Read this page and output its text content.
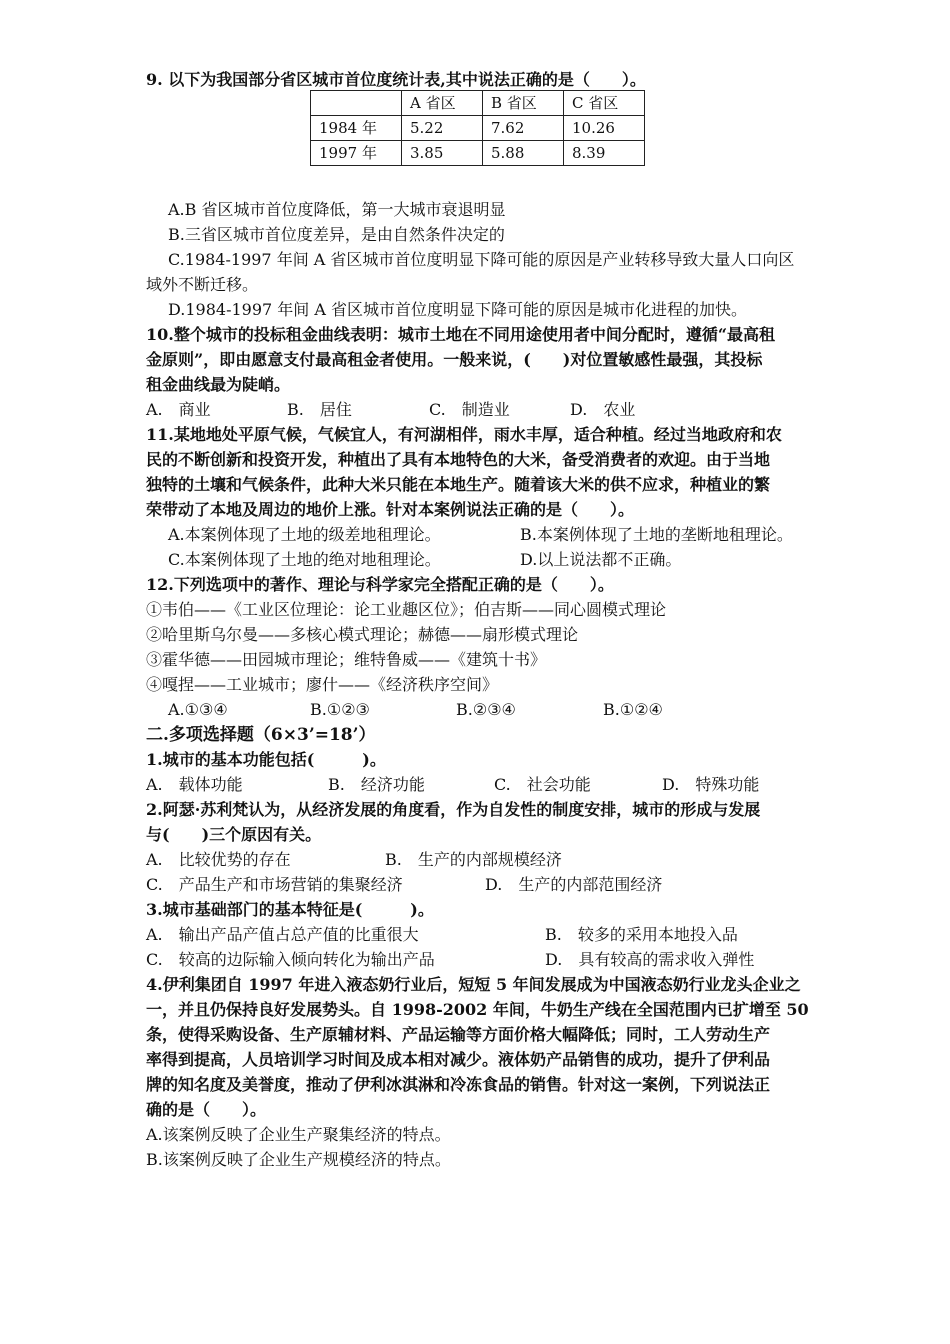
9. 以下为我国部分省区城市首位度统计表,其中说法正确的是（　　）。
	A 省区	B 省区	C 省区
1984 年	5.22	7.62	10.26
1997 年	3.85	5.88	8.39
A.B 省区城市首位度降低，第一大城市衰退明显
B.三省区城市首位度差异，是由自然条件决定的
C.1984-1997 年间 A 省区城市首位度明显下降可能的原因是产业转移导致大量人口向区
域外不断迁移。
D.1984-1997 年间 A 省区城市首位度明显下降可能的原因是城市化进程的加快。
10.整个城市的投标租金曲线表明：城市土地在不同用途使用者中间分配时，遵循“最高租
金原则”，即由愿意支付最高租金者使用。一般来说，(　　)对位置敏感性最强，其投标
租金曲线最为陡峭。
A.　商业	B.　居住	C.　制造业	D.　农业
11.某地地处平原气候，气候宜人，有河湖相伴，雨水丰厚，适合种植。经过当地政府和农
民的不断创新和投资开发，种植出了具有本地特色的大米，备受消费者的欢迎。由于当地
独特的土壤和气候条件，此种大米只能在本地生产。随着该大米的供不应求，种植业的繁
荣带动了本地及周边的地价上涨。针对本案例说法正确的是（　　）。
A.本案例体现了土地的级差地租理论。	B.本案例体现了土地的垄断地租理论。
C.本案例体现了土地的绝对地租理论。	D.以上说法都不正确。
12.下列选项中的著作、理论与科学家完全搭配正确的是（　　）。
①韦伯——《工业区位理论：论工业趣区位》；伯吉斯——同心圆模式理论
②哈里斯乌尔曼——多核心模式理论；赫德——扇形模式理论
③霍华德——田园城市理论；维特鲁威——《建筑十书》
④嘎捏——工业城市；廖什——《经济秩序空间》
A.①③④	B.①②③	B.②③④	B.①②④
二.多项选择题（6×3’=18’）
1.城市的基本功能包括(　　　)。
A.　载体功能	B.　经济功能	C.　社会功能	D.　特殊功能
2.阿瑟·苏利梵认为，从经济发展的角度看，作为自发性的制度安排，城市的形成与发展
与(　　)三个原因有关。
A.　比较优势的存在	B.　生产的内部规模经济
C.　产品生产和市场营销的集聚经济	D.　生产的内部范围经济
3.城市基础部门的基本特征是(　　　)。
A.　输出产品产值占总产值的比重很大	B.　较多的采用本地投入品
C.　较高的边际输入倾向转化为输出产品	D.　具有较高的需求收入弹性
4.伊利集团自 1997 年进入液态奶行业后，短短 5 年间发展成为中国液态奶行业龙头企业之
一，并且仍保持良好发展势头。自 1998-2002 年间，牛奶生产线在全国范围内已扩增至 50
条，使得采购设备、生产原辅材料、产品运输等方面价格大幅降低；同时，工人劳动生产
率得到提高，人员培训学习时间及成本相对减少。液体奶产品销售的成功，提升了伊利品
牌的知名度及美誉度，推动了伊利冰淇淋和冷冻食品的销售。针对这一案例，下列说法正
确的是（　　）。
A.该案例反映了企业生产聚集经济的特点。
B.该案例反映了企业生产规模经济的特点。
